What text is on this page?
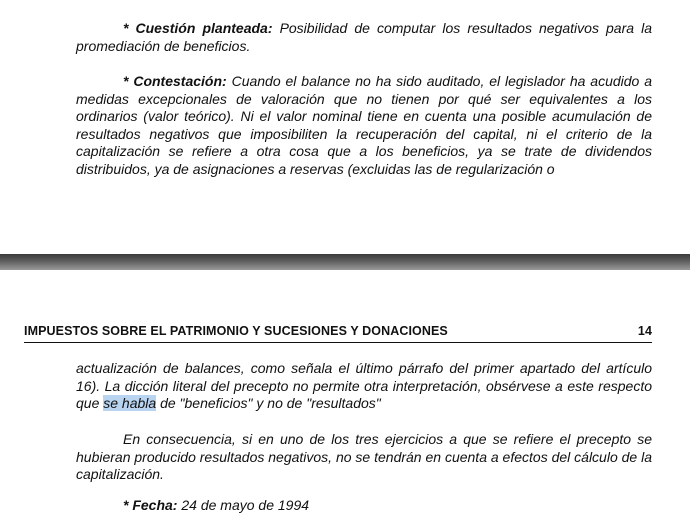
* Cuestión planteada: Posibilidad de computar los resultados negativos para la promediación de beneficios.

* Contestación: Cuando el balance no ha sido auditado, el legislador ha acudido a medidas excepcionales de valoración que no tienen por qué ser equivalentes a los ordinarios (valor teórico). Ni el valor nominal tiene en cuenta una posible acumulación de resultados negativos que imposibiliten la recuperación del capital, ni el criterio de la capitalización se refiere a otra cosa que a los beneficios, ya se trate de dividendos distribuidos, ya de asignaciones a reservas (excluidas las de regularización o

IMPUESTOS SOBRE EL PATRIMONIO Y SUCESIONES Y DONACIONES	14

actualización de balances, como señala el último párrafo del primer apartado del artículo 16). La dicción literal del precepto no permite otra interpretación, obsérvese a este respecto que se habla de "beneficios" y no de "resultados"

En consecuencia, si en uno de los tres ejercicios a que se refiere el precepto se hubieran producido resultados negativos, no se tendrán en cuenta a efectos del cálculo de la capitalización.

* Fecha: 24 de mayo de 1994
